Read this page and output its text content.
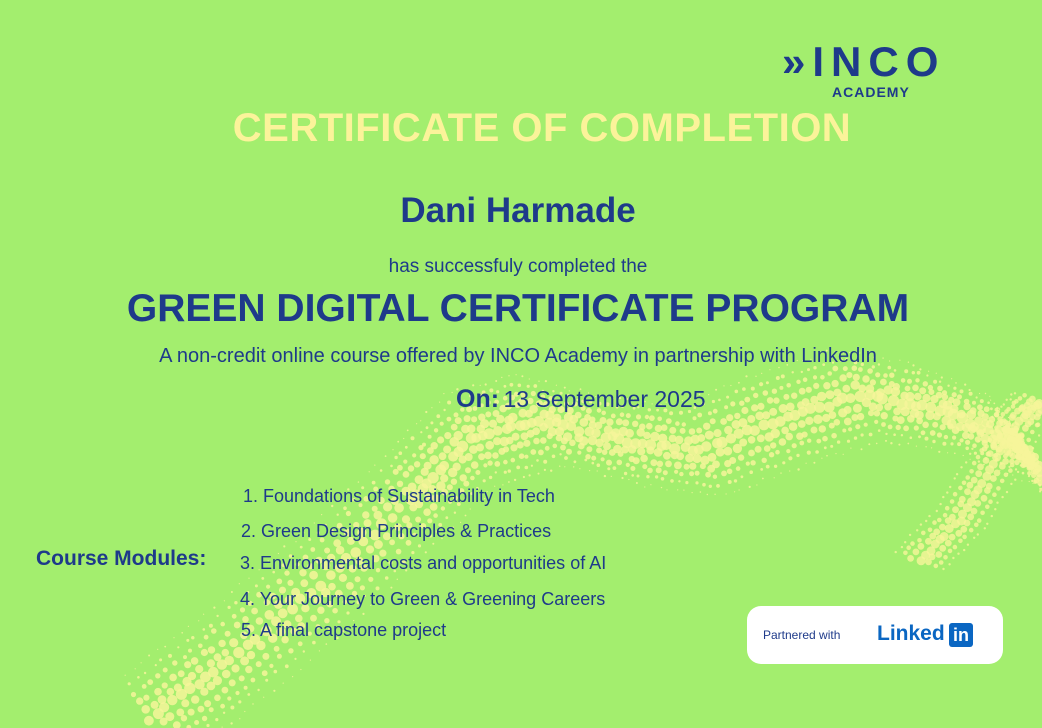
»INCO
ACADEMY
CERTIFICATE OF COMPLETION
Dani Harmade
has successfuly completed the
GREEN DIGITAL CERTIFICATE PROGRAM
A non-credit online course offered by INCO Academy in partnership with LinkedIn
On: 13 September 2025
Course Modules:
1. Foundations of Sustainability in Tech
2. Green Design Principles & Practices
3. Environmental costs and opportunities of AI
4. Your Journey to Green & Greening Careers
5. A final capstone project	Partnered with Linked in
